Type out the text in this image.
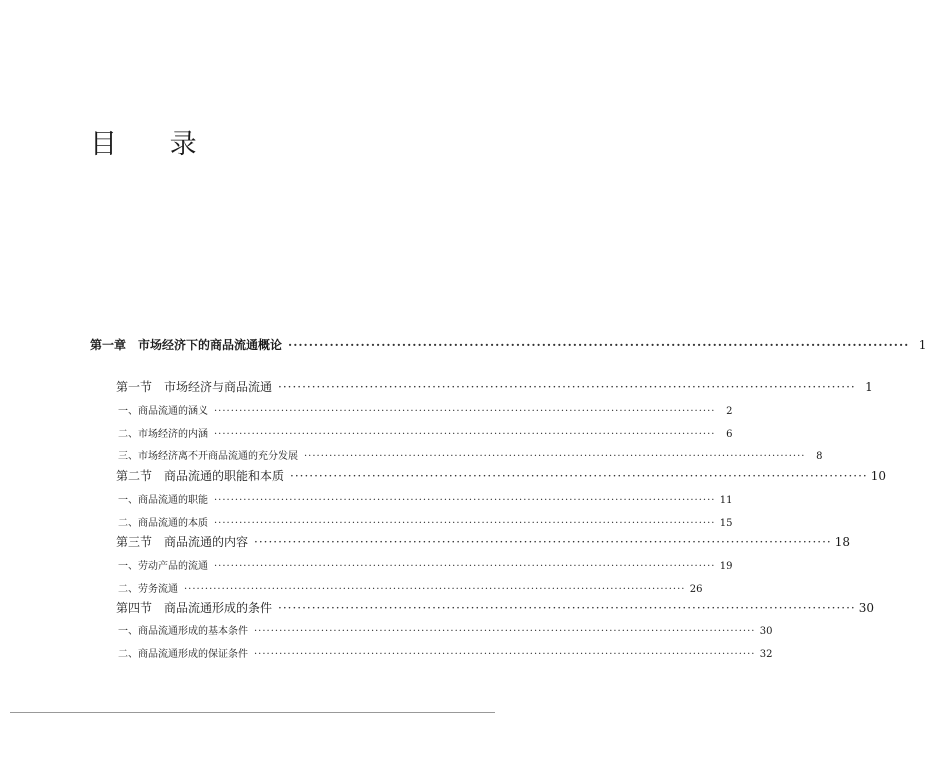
目 录
第一章　市场经济下的商品流通概论 ························································································································ 1
第一节　市场经济与商品流通 ························································································································ 1
一、商品流通的涵义 ························································································································	2
二、市场经济的内涵 ························································································································	6
三、市场经济离不开商品流通的充分发展 ························································································································	8
第二节　商品流通的职能和本质 ························································································································ 10
一、商品流通的职能 ························································································································ 11
二、商品流通的本质 ························································································································ 15
第三节　商品流通的内容 ························································································································ 18
一、劳动产品的流通 ························································································································ 19
二、劳务流通 ························································································································ 26
第四节　商品流通形成的条件 ························································································································ 30
一、商品流通形成的基本条件 ························································································································ 30
二、商品流通形成的保证条件 ························································································································ 32
